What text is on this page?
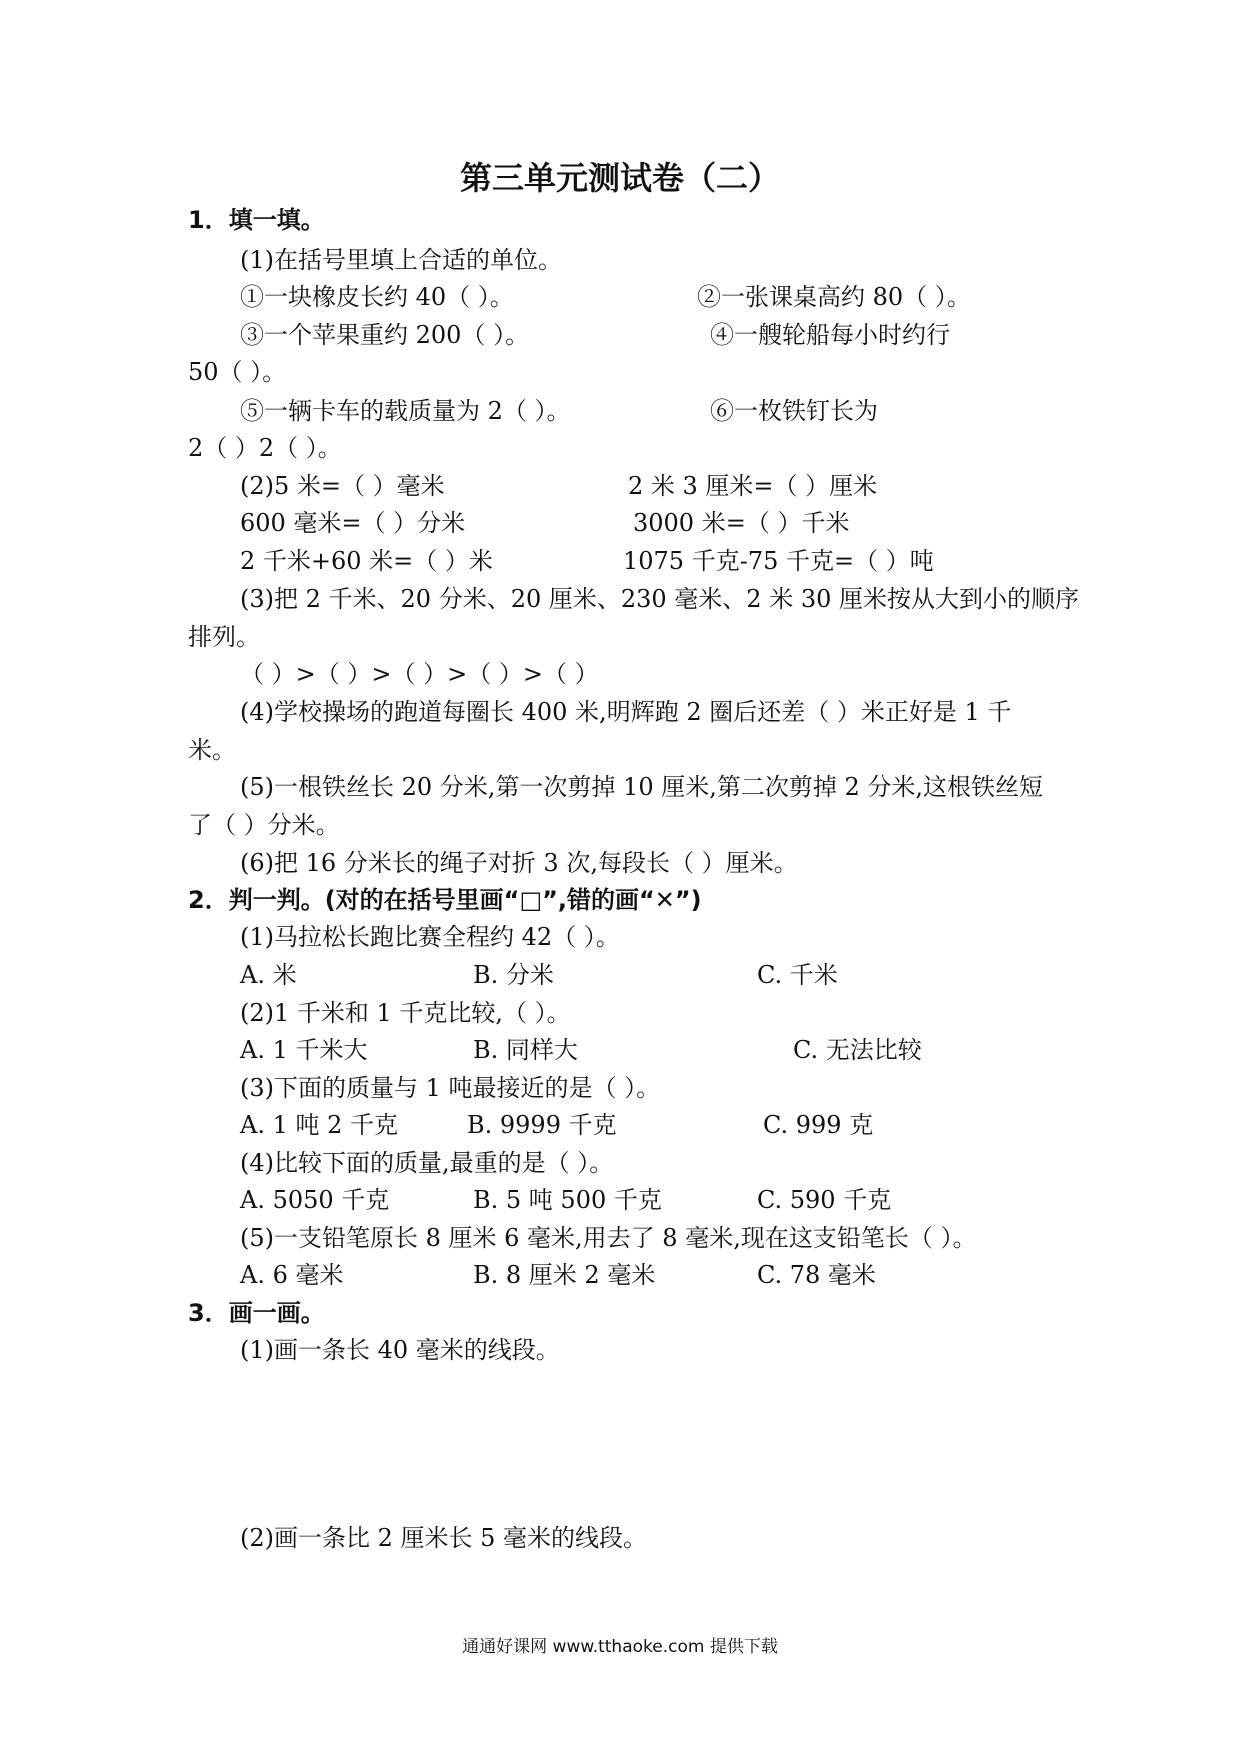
第三单元测试卷（二）
1．填一填。
(1)在括号里填上合适的单位。
①一块橡皮长约 40（ ）。	②一张课桌高约 80（ ）。
③一个苹果重约 200（ ）。	④一艘轮船每小时约行
50（ ）。
⑤一辆卡车的载质量为 2（ ）。	⑥一枚铁钉长为
2（ ）2（ ）。
(2)5 米=（ ）毫米	2 米 3 厘米=（ ）厘米
600 毫米=（ ）分米	3000 米=（ ）千米
2 千米+60 米=（ ）米	1075 千克-75 千克=（ ）吨
(3)把 2 千米、20 分米、20 厘米、230 毫米、2 米 30 厘米按从大到小的顺序
排列。
（ ）>（ ）>（ ）>（ ）>（ ）
(4)学校操场的跑道每圈长 400 米,明辉跑 2 圈后还差（ ）米正好是 1 千
米。
(5)一根铁丝长 20 分米,第一次剪掉 10 厘米,第二次剪掉 2 分米,这根铁丝短
了（ ）分米。
(6)把 16 分米长的绳子对折 3 次,每段长（ ）厘米。
2．判一判。(对的在括号里画“□”,错的画“✕”)
(1)马拉松长跑比赛全程约 42（ ）。
A. 米	B. 分米	C. 千米
(2)1 千米和 1 千克比较,（ ）。
A. 1 千米大	B. 同样大	C. 无法比较
(3)下面的质量与 1 吨最接近的是（ ）。
A. 1 吨 2 千克	B. 9999 千克	C. 999 克
(4)比较下面的质量,最重的是（ ）。
A. 5050 千克	B. 5 吨 500 千克	C. 590 千克
(5)一支铅笔原长 8 厘米 6 毫米,用去了 8 毫米,现在这支铅笔长（ ）。
A. 6 毫米	B. 8 厘米 2 毫米	C. 78 毫米
3．画一画。
(1)画一条长 40 毫米的线段。
(2)画一条比 2 厘米长 5 毫米的线段。
通通好课网 www.tthaoke.com 提供下载
